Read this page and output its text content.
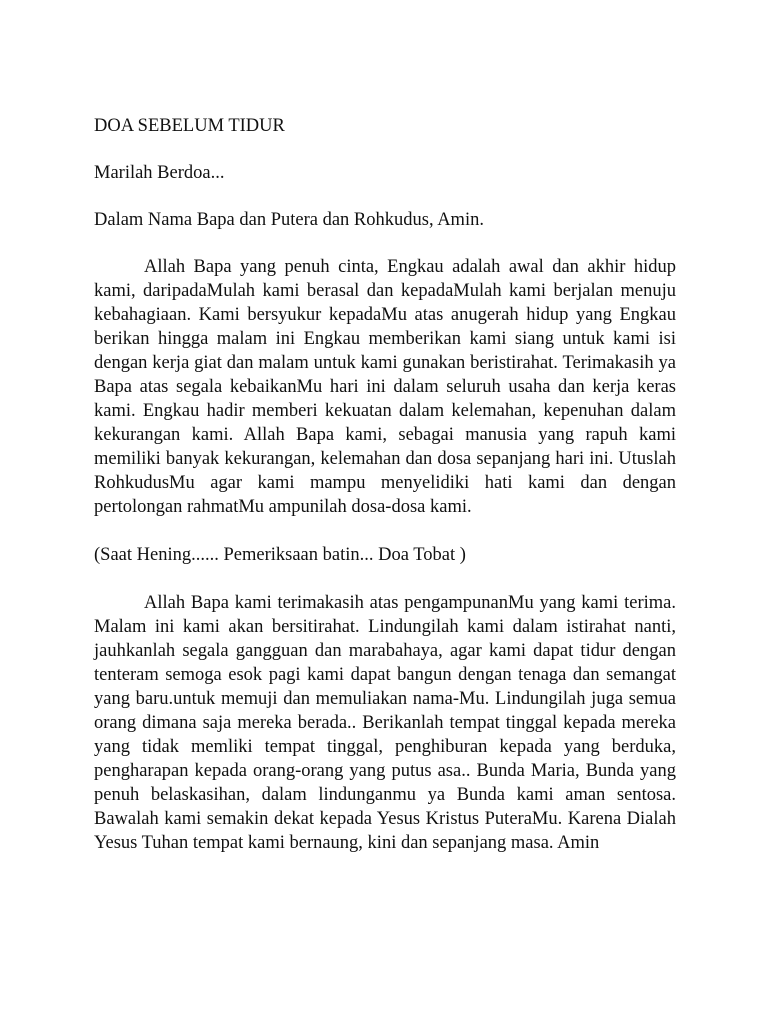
DOA SEBELUM TIDUR

Marilah Berdoa...

Dalam Nama Bapa dan Putera dan Rohkudus, Amin.

Allah Bapa yang penuh cinta, Engkau adalah awal dan akhir hidup kami, daripadaMulah kami berasal dan kepadaMulah kami berjalan menuju kebahagiaan. Kami bersyukur kepadaMu atas anugerah hidup yang Engkau berikan hingga malam ini Engkau memberikan kami siang untuk kami isi dengan kerja giat dan malam untuk kami gunakan beristirahat. Terimakasih ya Bapa atas segala kebaikanMu hari ini dalam seluruh usaha dan kerja keras kami. Engkau hadir memberi kekuatan dalam kelemahan, kepenuhan dalam kekurangan kami. Allah Bapa kami, sebagai manusia yang rapuh kami memiliki banyak kekurangan, kelemahan dan dosa sepanjang hari ini. Utuslah RohkudusMu agar kami mampu menyelidiki hati kami dan dengan pertolongan rahmatMu ampunilah dosa-dosa kami.

(Saat Hening...... Pemeriksaan batin... Doa Tobat )

Allah Bapa kami terimakasih atas pengampunanMu yang kami terima. Malam ini kami akan bersitirahat. Lindungilah kami dalam istirahat nanti, jauhkanlah segala gangguan dan marabahaya, agar kami dapat tidur dengan tenteram semoga esok pagi kami dapat bangun dengan tenaga dan semangat yang baru.untuk memuji dan memuliakan nama-Mu. Lindungilah juga semua orang dimana saja mereka berada.. Berikanlah tempat tinggal kepada mereka yang tidak memliki tempat tinggal, penghiburan kepada yang berduka, pengharapan kepada orang-orang yang putus asa.. Bunda Maria, Bunda yang penuh belaskasihan, dalam lindunganmu ya Bunda kami aman sentosa. Bawalah kami semakin dekat kepada Yesus Kristus PuteraMu. Karena Dialah Yesus Tuhan tempat kami bernaung, kini dan sepanjang masa. Amin
